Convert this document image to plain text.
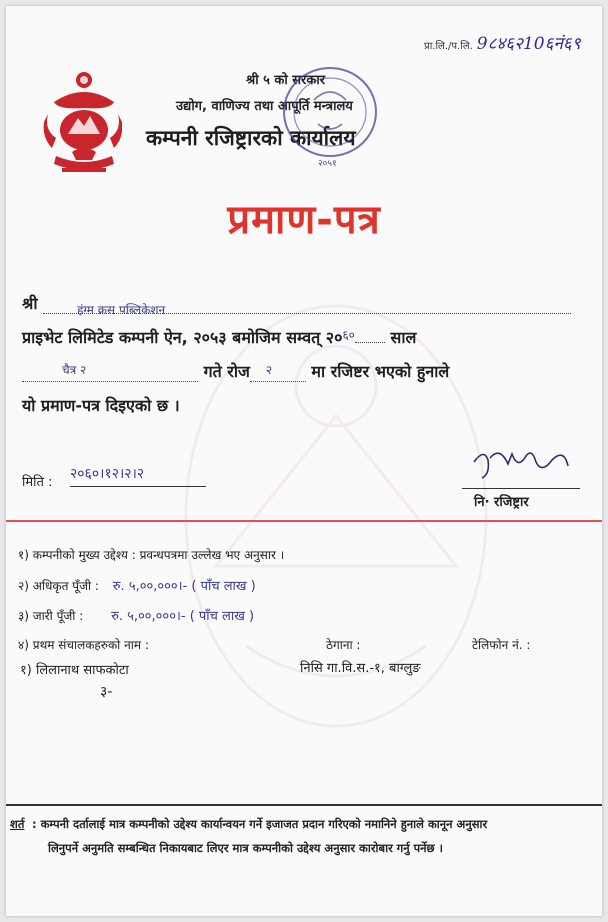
प्रा.लि./प.लि. 9८४६२10६नं६९
श्री ५ को सरकार
उद्योग, वाणिज्य तथा आपूर्ति मन्त्रालय
कम्पनी रजिष्ट्रारको कार्यालय
२०५१
प्रमाण-पत्र
श्री	हंग्म क्रस पब्लिकेशन
प्राइभेट लिमिटेड कम्पनी ऐन, २०५३ बमोजिम सम्वत् $२०^{६०}$ साल
चैत्र २	गते रोज २ मा रजिष्टर भएको हुनाले
यो प्रमाण-पत्र दिइएको छ ।
मिति :
२०६०।१२।२।२
नि· रजिष्ट्रार
१) कम्पनीको मुख्य उद्देश्य : प्रवन्धपत्रमा उल्लेख भए अनुसार ।
२) अधिकृत पूँजी : रु. ५,००,०००।- ( पाँच लाख )
३) जारी पूँजी : रु. ५,००,०००।- ( पाँच लाख )
४) प्रथम संचालकहरुको नाम :	ठेगाना :	टेलिफोन नं. :
१) लिलानाथ साफकोटा	निसि गा.वि.स.-१, बाग्लुङ
३-
शर्त : कम्पनी दर्तालाई मात्र कम्पनीको उद्देश्य कार्यान्वयन गर्ने इजाजत प्रदान गरिएको नमानिने हुनाले कानून अनुसार
लिनुपर्ने अनुमति सम्बन्धित निकायबाट लिएर मात्र कम्पनीको उद्देश्य अनुसार कारोबार गर्नु पर्नेछ ।
